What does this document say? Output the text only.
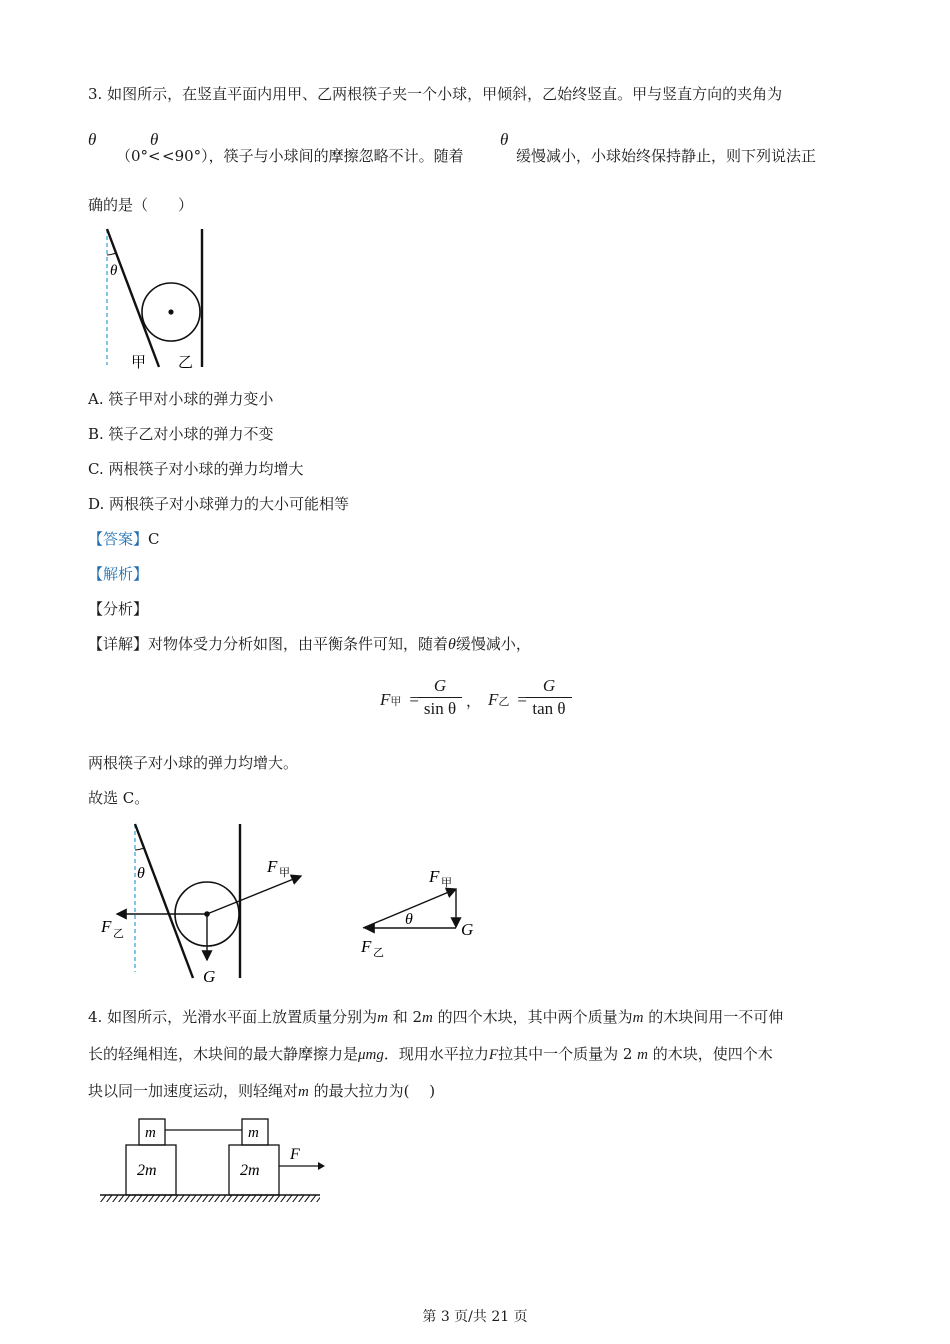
3. 如图所示，在竖直平面内用甲、乙两根筷子夹一个小球，甲倾斜，乙始终竖直。甲与竖直方向的夹角为
θ
（0°<
θ
<90°），筷子与小球间的摩擦忽略不计。随着
θ
缓慢减小，小球始终保持静止，则下列说法正
确的是（　　）
θ
甲 乙
A. 筷子甲对小球的弹力变小
B. 筷子乙对小球的弹力不变
C. 两根筷子对小球的弹力均增大
D. 两根筷子对小球弹力的大小可能相等
【答案】C
【解析】
【分析】
【详解】对物体受力分析如图，由平衡条件可知，随着θ缓慢减小，
F甲 =
G
sin θ ， F乙 =
G
tan θ
两根筷子对小球的弹力均增大。
故选 C。
θ	F 甲
F 乙
G
F 甲
θ
G
F 乙
4. 如图所示，光滑水平面上放置质量分别为m 和 2m 的四个木块，其中两个质量为m 的木块间用一不可伸
长的轻绳相连，木块间的最大静摩擦力是μmg．现用水平拉力F拉其中一个质量为 2 m 的木块，使四个木
块以同一加速度运动，则轻绳对m 的最大拉力为(　 )
m	m
2m	2m
F
第 3 页/共 21 页
